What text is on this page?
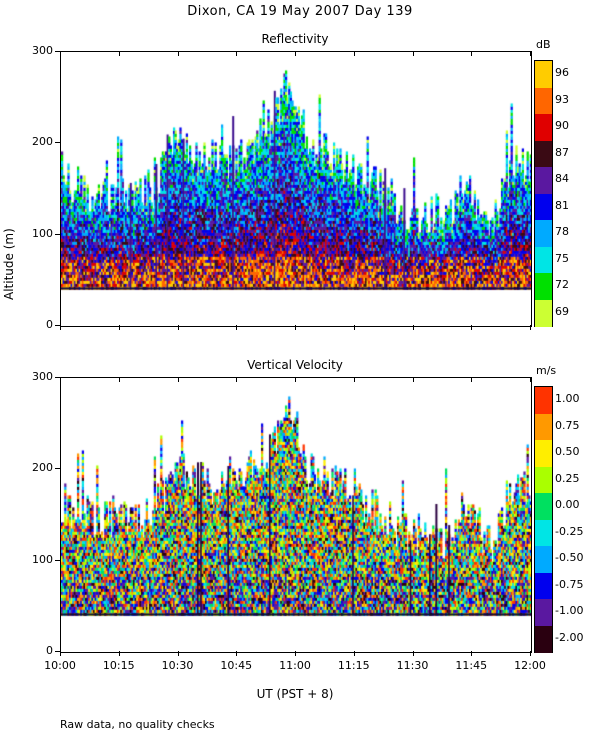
Dixon, CA 19 May 2007 Day 139
Altitude (m)
Reflectivity	dB
Vertical Velocity	m/s
UT (PST + 8)
Raw data, no quality checks
0
100
200
300
96
93
90
87
84
81
78
75
72
69
0
100
200
300
10:00	10:15	10:30	10:45	11:00	11:15	11:30	11:45	12:00
1.00
0.75
0.50
0.25
0.00
-0.25
-0.50
-0.75
-1.00
-2.00
